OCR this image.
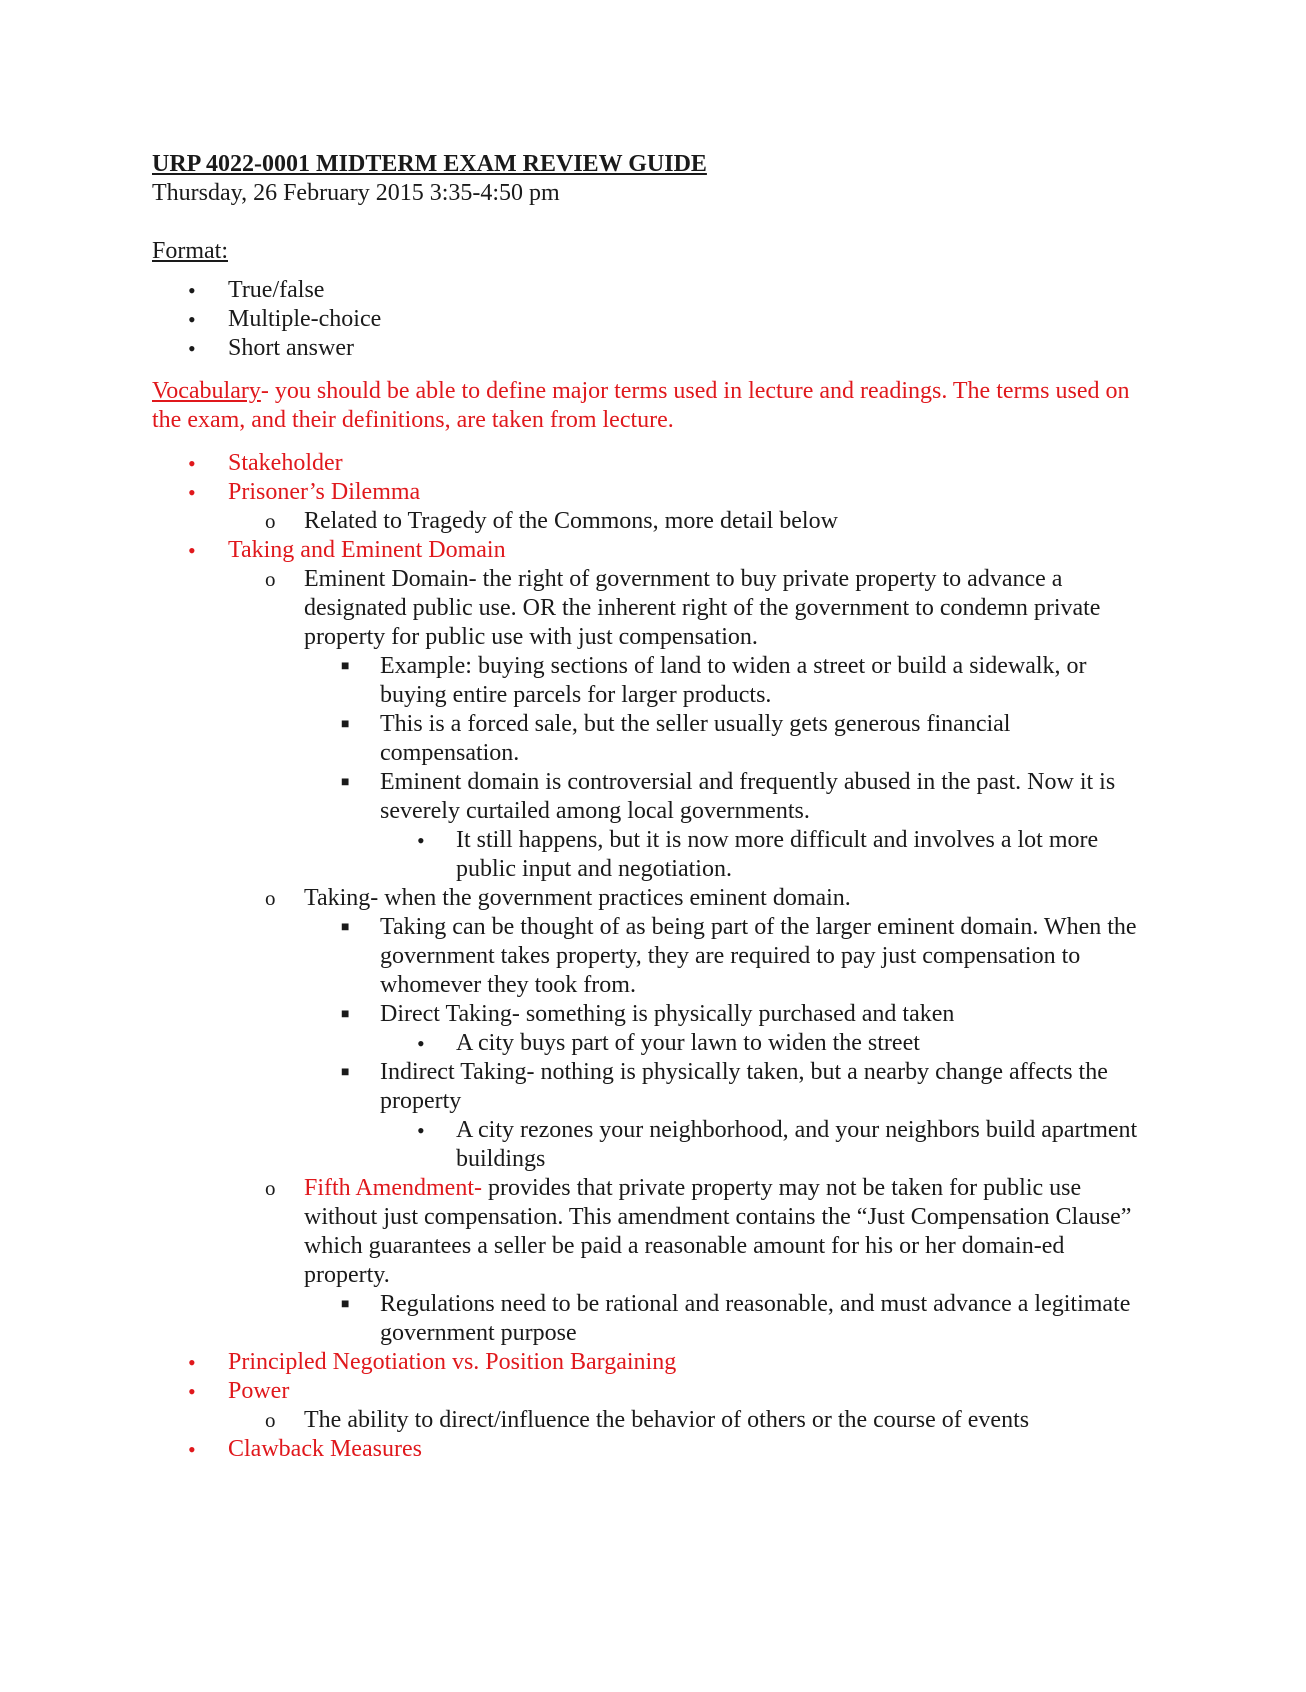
URP 4022-0001 MIDTERM EXAM REVIEW GUIDE

Thursday, 26 February 2015 3:35-4:50 pm

Format:

• True/false
• Multiple-choice
• Short answer

Vocabulary- you should be able to define major terms used in lecture and readings. The terms used on the exam, and their definitions, are taken from lecture.

• Stakeholder
• Prisoner’s Dilemma
o Related to Tragedy of the Commons, more detail below
• Taking and Eminent Domain
o Eminent Domain- the right of government to buy private property to advance a designated public use. OR the inherent right of the government to condemn private property for public use with just compensation.
■ Example: buying sections of land to widen a street or build a sidewalk, or buying entire parcels for larger products.
■ This is a forced sale, but the seller usually gets generous financial compensation.
■ Eminent domain is controversial and frequently abused in the past. Now it is severely curtailed among local governments.
• It still happens, but it is now more difficult and involves a lot more public input and negotiation.
o Taking- when the government practices eminent domain.
■ Taking can be thought of as being part of the larger eminent domain. When the government takes property, they are required to pay just compensation to whomever they took from.
■ Direct Taking- something is physically purchased and taken
• A city buys part of your lawn to widen the street
■ Indirect Taking- nothing is physically taken, but a nearby change affects the property
• A city rezones your neighborhood, and your neighbors build apartment buildings
o Fifth Amendment- provides that private property may not be taken for public use without just compensation. This amendment contains the “Just Compensation Clause” which guarantees a seller be paid a reasonable amount for his or her domain-ed property.
■ Regulations need to be rational and reasonable, and must advance a legitimate government purpose
• Principled Negotiation vs. Position Bargaining
• Power
o The ability to direct/influence the behavior of others or the course of events
• Clawback Measures
